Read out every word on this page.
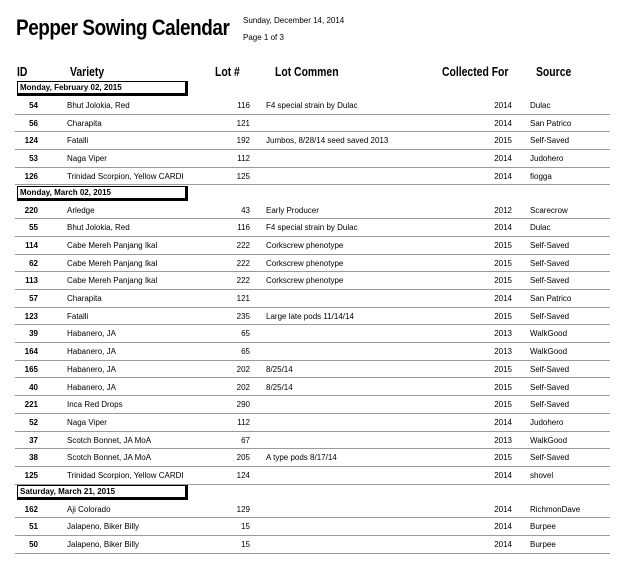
Pepper Sowing Calendar Sunday, December 14, 2014
Page 1 of 3
ID	Variety	Lot #	Lot Commen	Collected For Source
Monday, February 02, 2015
54	Bhut Jolokia, Red	116 F4 special strain by Dulac	2014 Dulac
56	Charapita	121	2014 San Patrico
124	Fatalli	192 Jumbos, 8/28/14 seed saved 2013	2015 Self-Saved
53	Naga Viper	112	2014 Judohero
126	Trinidad Scorpion, Yellow CARDI	125	2014 fiogga
Monday, March 02, 2015
220	Arledge	43 Early Producer	2012 Scarecrow
55	Bhut Jolokia, Red	116 F4 special strain by Dulac	2014 Dulac
114	Cabe Mereh Panjang Ikal	222 Corkscrew phenotype	2015 Self-Saved
62	Cabe Mereh Panjang Ikal	222 Corkscrew phenotype	2015 Self-Saved
113	Cabe Mereh Panjang Ikal	222 Corkscrew phenotype	2015 Self-Saved
57	Charapita	121	2014 San Patrico
123	Fatalli	235 Large late pods 11/14/14	2015 Self-Saved
39	Habanero, JA	65	2013 WalkGood
164	Habanero, JA	65	2013 WalkGood
165	Habanero, JA	202 8/25/14	2015 Self-Saved
40	Habanero, JA	202 8/25/14	2015 Self-Saved
221	Inca Red Drops	290	2015 Self-Saved
52	Naga Viper	112	2014 Judohero
37	Scotch Bonnet, JA MoA	67	2013 WalkGood
38	Scotch Bonnet, JA MoA	205 A type pods 8/17/14	2015 Self-Saved
125	Trinidad Scorpion, Yellow CARDI	124	2014 shovel
Saturday, March 21, 2015
162	Aji Colorado	129	2014 RichmonDave
51	Jalapeno, Biker Billy	15	2014 Burpee
50	Jalapeno, Biker Billy	15	2014 Burpee
